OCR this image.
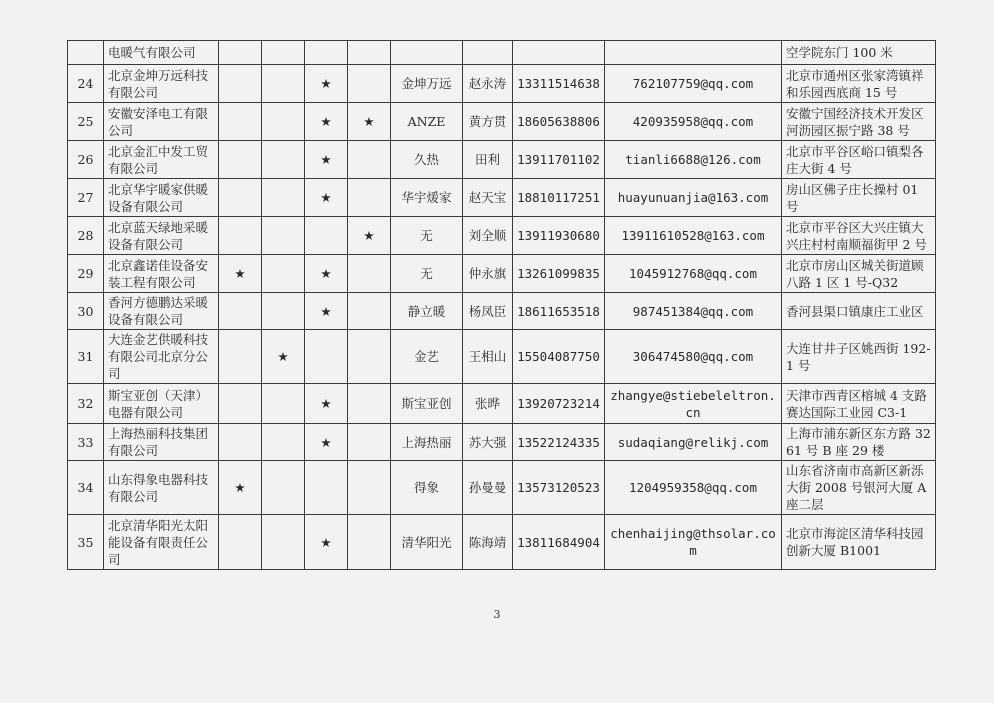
	电暖气有限公司									空学院东门 100 米
24	北京金坤万远科技有限公司			★		金坤万远	赵永涛	13311514638	762107759@qq.com	北京市通州区张家湾镇祥和乐园西底商 15 号
25	安徽安泽电工有限公司			★	★	ANZE	黄方贯	18605638806	420935958@qq.com	安徽宁国经济技术开发区河沥园区振宁路 38 号
26	北京金汇中发工贸有限公司			★		久热	田利	13911701102	tianli6688@126.com	北京市平谷区峪口镇梨各庄大街 4 号
27	北京华宇暖家供暖设备有限公司			★		华宇煖家	赵天宝	18810117251	huayunuanjia@163.com	房山区佛子庄长操村 01 号
28	北京蓝天绿地采暖设备有限公司				★	无	刘全顺	13911930680	13911610528@163.com	北京市平谷区大兴庄镇大兴庄村村南顺福街甲 2 号
29	北京鑫诺佳设备安装工程有限公司	★		★		无	仲永旗	13261099835	1045912768@qq.com	北京市房山区城关街道顾八路 1 区 1 号-Q32
30	香河方德鹏达采暖设备有限公司			★		静立暖	杨凤臣	18611653518	987451384@qq.com	香河县渠口镇康庄工业区
31	大连金艺供暖科技有限公司北京分公司		★			金艺	王相山	15504087750	306474580@qq.com	大连甘井子区姚西街 192-1 号
32	斯宝亚创（天津）电器有限公司			★		斯宝亚创	张晔	13920723214	zhangye@stiebeleltron.cn	天津市西青区榕城 4 支路赛达国际工业园 C3-1
33	上海热丽科技集团有限公司			★		上海热丽	苏大强	13522124335	sudaqiang@relikj.com	上海市浦东新区东方路 3261 号 B 座 29 楼
34	山东得象电器科技有限公司	★				得象	孙曼曼	13573120523	1204959358@qq.com	山东省济南市高新区新泺大街 2008 号银河大厦 A 座二层
35	北京清华阳光太阳能设备有限责任公司			★		清华阳光	陈海靖	13811684904	chenhaijing@thsolar.com	北京市海淀区清华科技园创新大厦 B1001
3
